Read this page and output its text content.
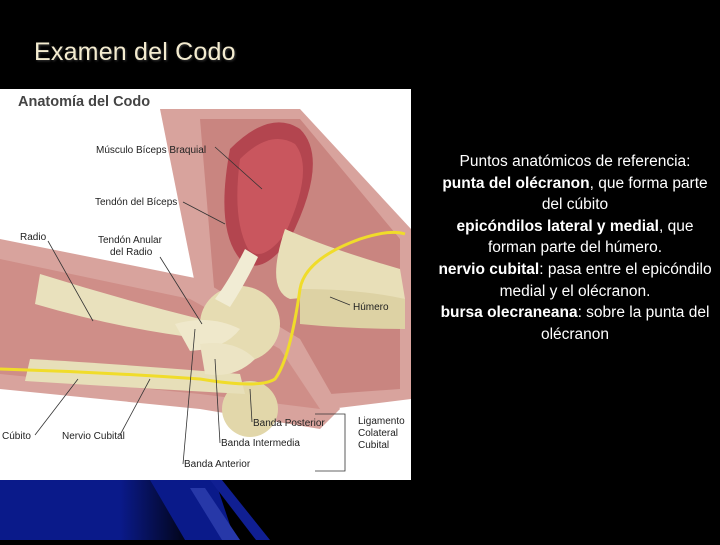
Examen del Codo
Anatomía del Codo
Músculo Bíceps Braquial
Tendón del Bíceps
Radio	Tendón Anular
del Radio
Húmero
Banda Posterior
Banda Intermedia
Banda Anterior
Cúbito	Nervio Cubital
Ligamento
Colateral
Cubital

Puntos anatómicos de referencia:

punta del olécranon, que forma parte del cúbito

epicóndilos lateral y medial, que forman parte del húmero.

nervio cubital: pasa entre el epicóndilo medial y el olécranon.

bursa olecraneana: sobre la punta del olécranon
